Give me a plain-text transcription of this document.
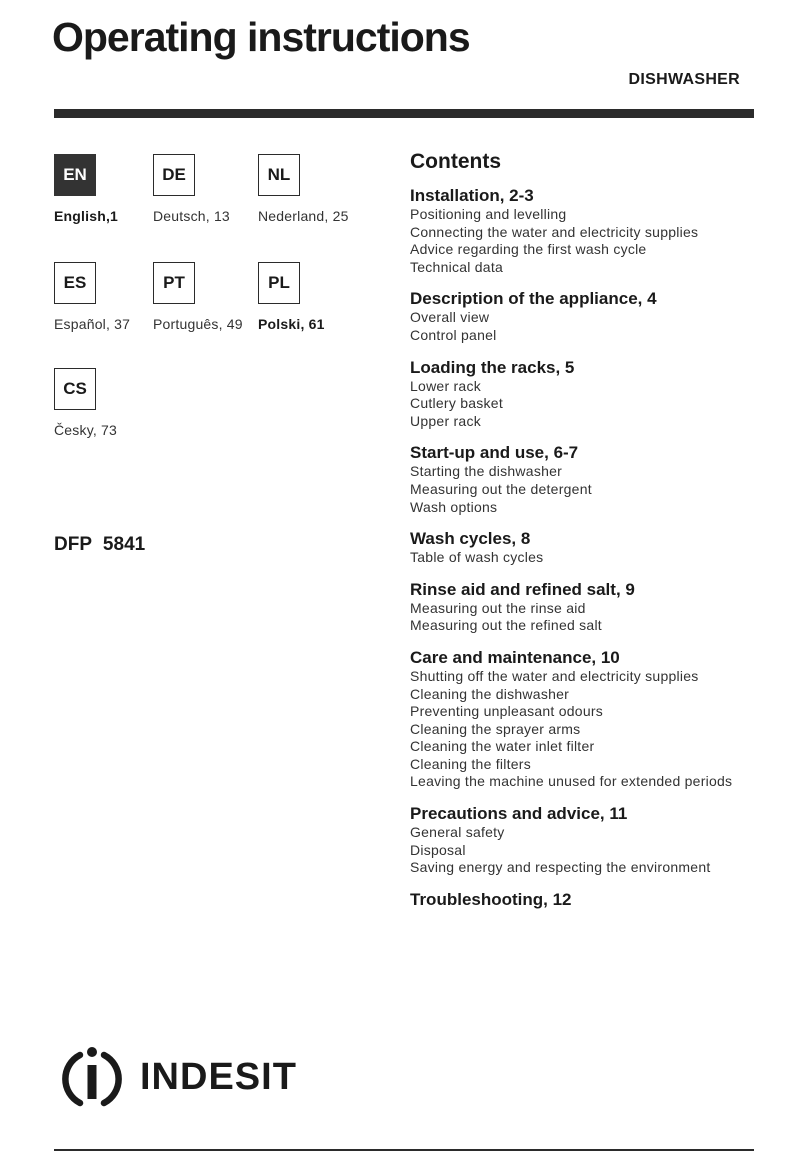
Operating instructions
DISHWASHER
EN
English,1
DE
Deutsch, 13
NL
Nederland, 25
ES
Español, 37
PT
Português, 49
PL
Polski, 61
CS
Česky, 73
DFP 5841
Contents
Installation, 2-3
Positioning and levelling
Connecting the water and electricity supplies
Advice regarding the first wash cycle
Technical data
Description of the appliance, 4
Overall view
Control panel
Loading the racks, 5
Lower rack
Cutlery basket
Upper rack
Start-up and use, 6-7
Starting the dishwasher
Measuring out the detergent
Wash options
Wash cycles, 8
Table of wash cycles
Rinse aid and refined salt, 9
Measuring out the rinse aid
Measuring out the refined salt
Care and maintenance, 10
Shutting off the water and electricity supplies
Cleaning the dishwasher
Preventing unpleasant odours
Cleaning the sprayer arms
Cleaning the water inlet filter
Cleaning the filters
Leaving the machine unused for extended periods
Precautions and advice, 11
General safety
Disposal
Saving energy and respecting the environment
Troubleshooting, 12
INDESIT
